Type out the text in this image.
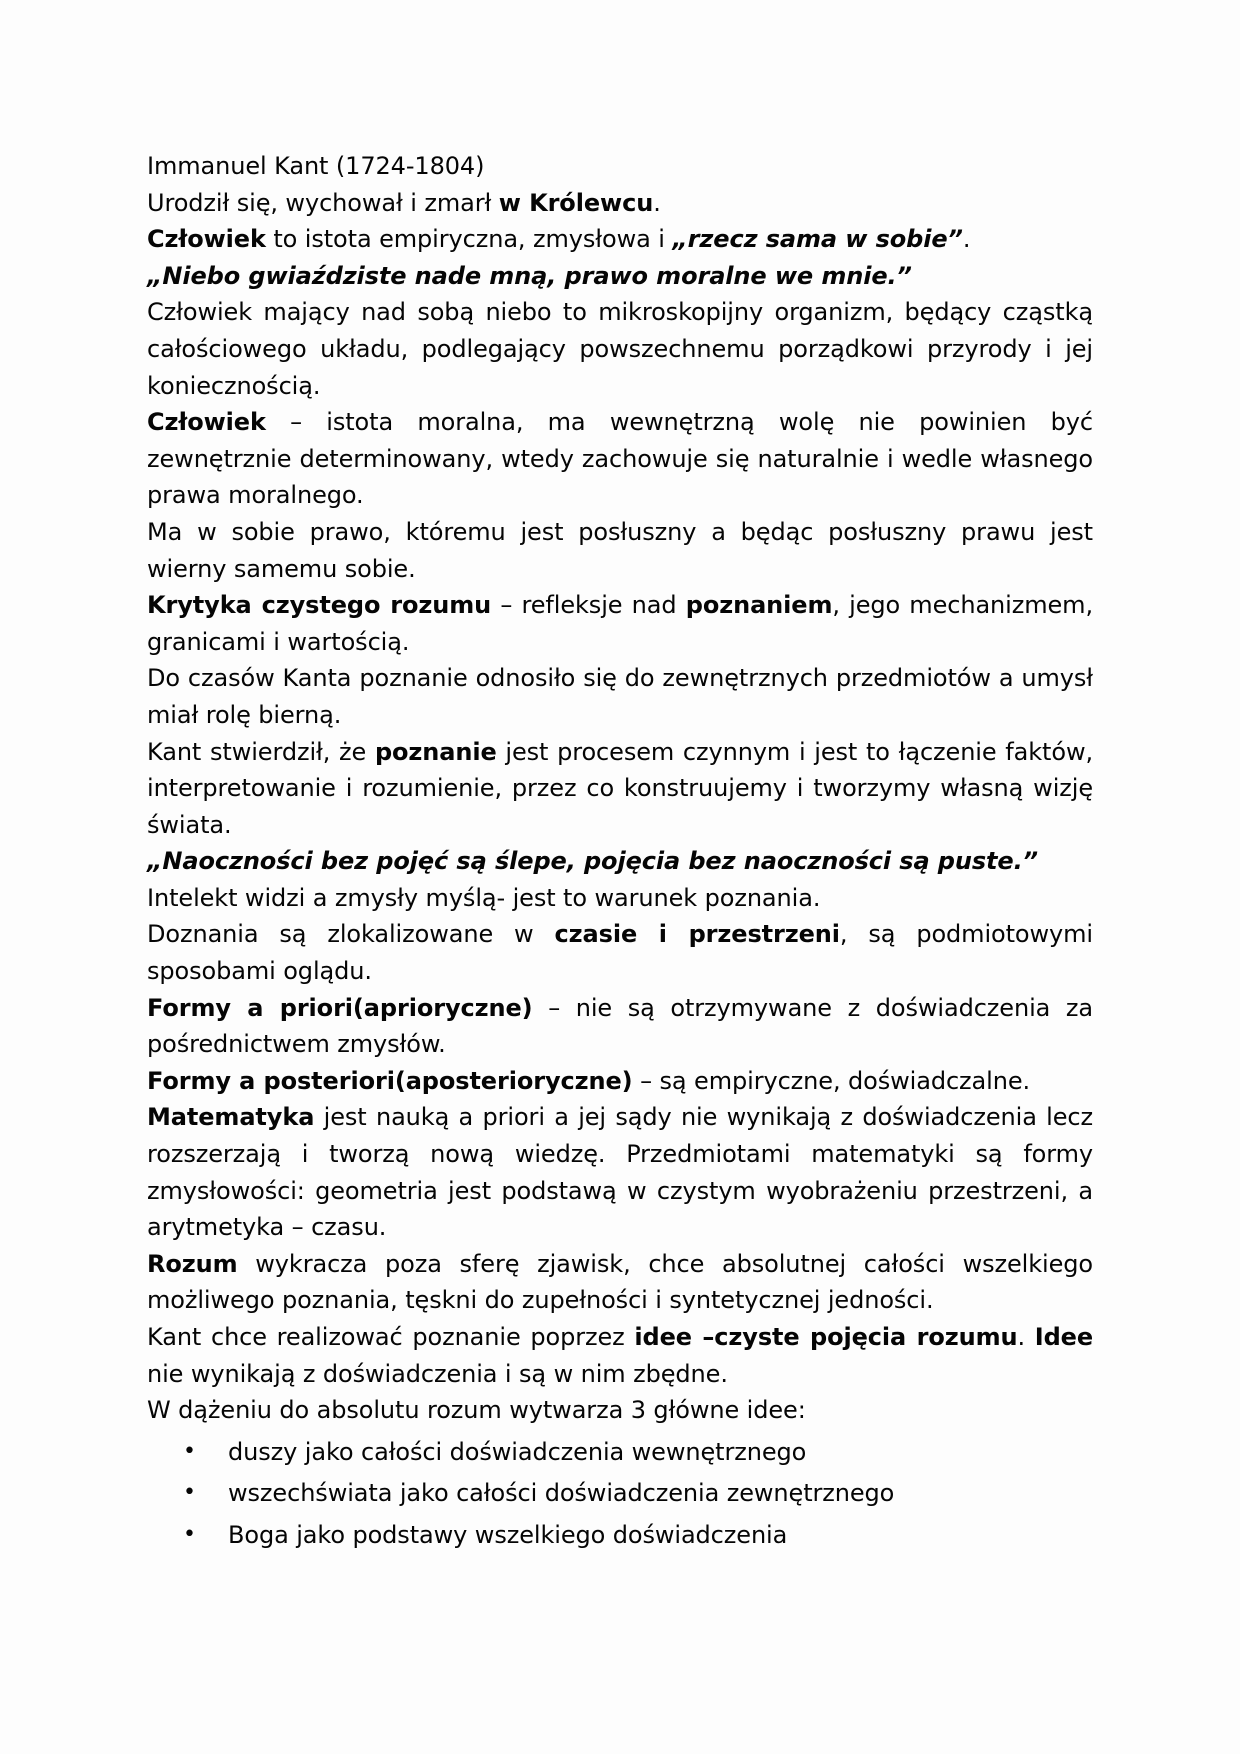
Immanuel Kant (1724-1804)

Urodził się, wychował i zmarł w Królewcu.

Człowiek to istota empiryczna, zmysłowa i „rzecz sama w sobie”.

„Niebo gwiaździste nade mną, prawo moralne we mnie.”

Człowiek mający nad sobą niebo to mikroskopijny organizm, będący cząstką całościowego układu, podlegający powszechnemu porządkowi przyrody i jej koniecznością.

Człowiek – istota moralna, ma wewnętrzną wolę nie powinien być zewnętrznie determinowany, wtedy zachowuje się naturalnie i wedle własnego prawa moralnego.

Ma w sobie prawo, któremu jest posłuszny a będąc posłuszny prawu jest wierny samemu sobie.

Krytyka czystego rozumu – refleksje nad poznaniem, jego mechanizmem, granicami i wartością.

Do czasów Kanta poznanie odnosiło się do zewnętrznych przedmiotów a umysł miał rolę bierną.

Kant stwierdził, że poznanie jest procesem czynnym i jest to łączenie faktów, interpretowanie i rozumienie, przez co konstruujemy i tworzymy własną wizję świata.

„Naoczności bez pojęć są ślepe, pojęcia bez naoczności są puste.”

Intelekt widzi a zmysły myślą- jest to warunek poznania.

Doznania są zlokalizowane w czasie i przestrzeni, są podmiotowymi sposobami oglądu.

Formy a priori(aprioryczne) – nie są otrzymywane z doświadczenia za pośrednictwem zmysłów.

Formy a posteriori(aposterioryczne) – są empiryczne, doświadczalne.

Matematyka jest nauką a priori a jej sądy nie wynikają z doświadczenia lecz rozszerzają i tworzą nową wiedzę. Przedmiotami matematyki są formy zmysłowości: geometria jest podstawą w czystym wyobrażeniu przestrzeni, a arytmetyka – czasu.

Rozum wykracza poza sferę zjawisk, chce absolutnej całości wszelkiego możliwego poznania, tęskni do zupełności i syntetycznej jedności.

Kant chce realizować poznanie poprzez idee –czyste pojęcia rozumu. Idee nie wynikają z doświadczenia i są w nim zbędne.

W dążeniu do absolutu rozum wytwarza 3 główne idee:

•	duszy jako całości doświadczenia wewnętrznego
•	wszechświata jako całości doświadczenia zewnętrznego
•	Boga jako podstawy wszelkiego doświadczenia
